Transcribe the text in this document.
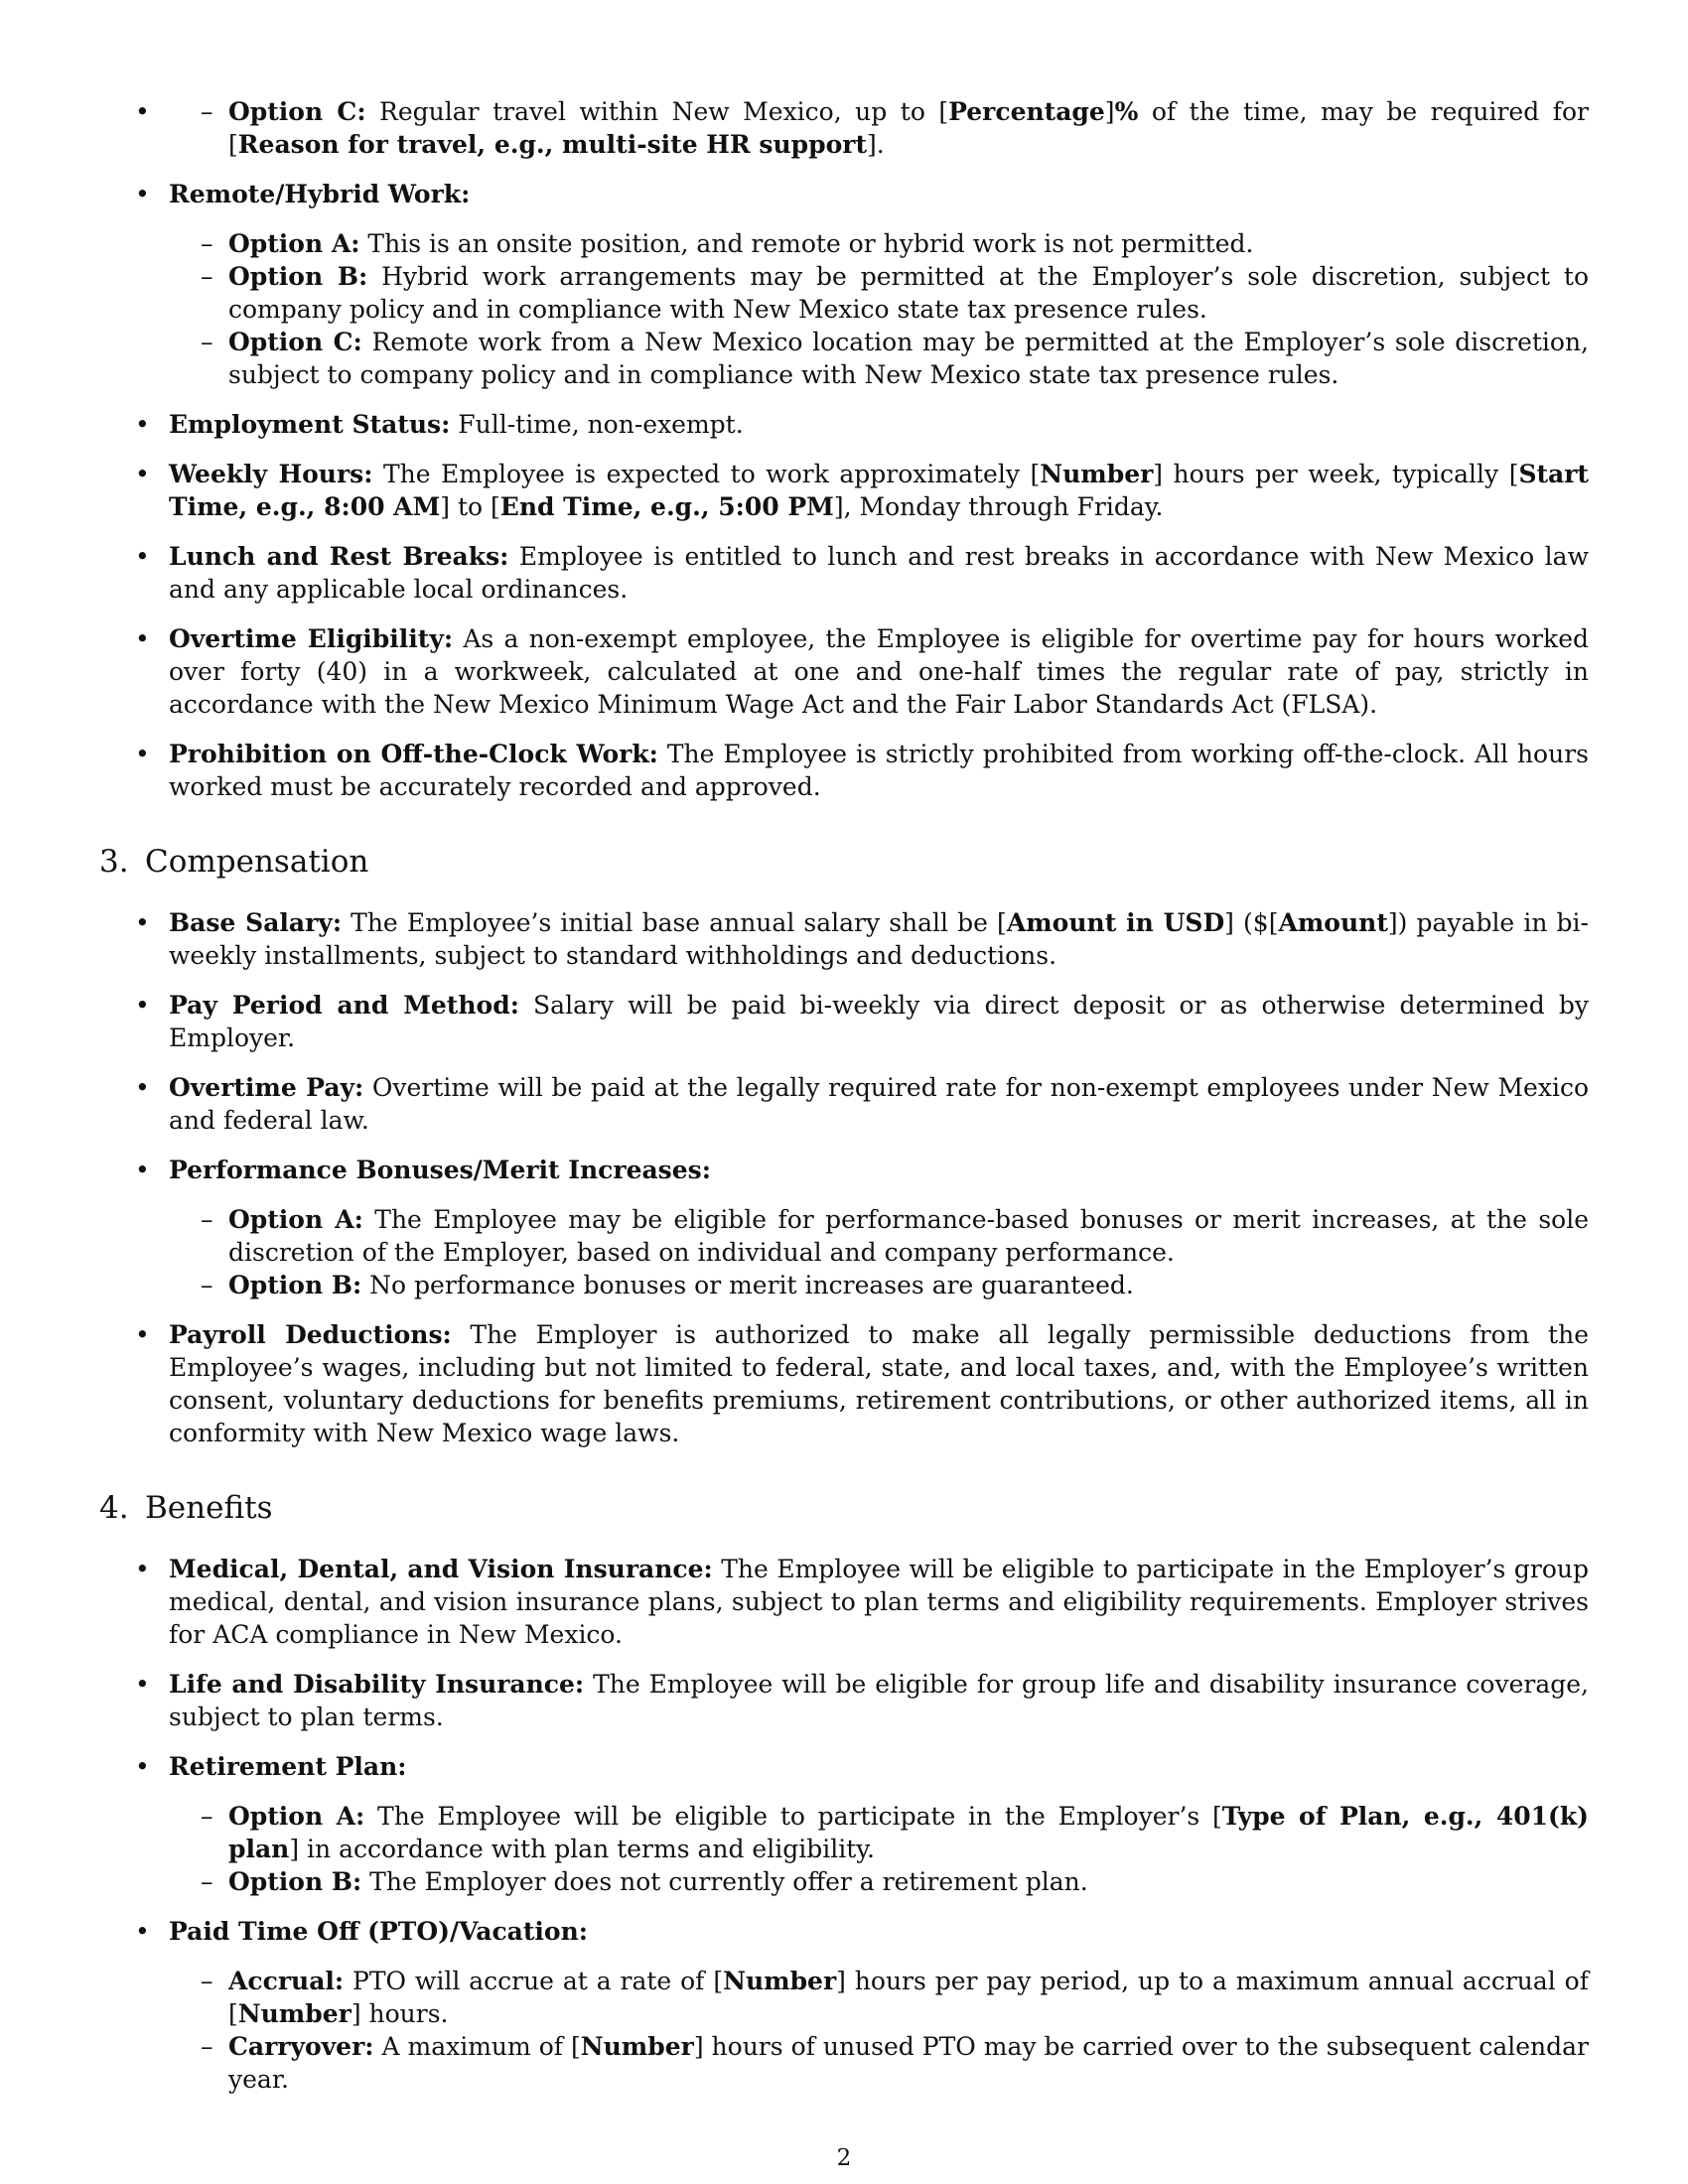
– • Option C: Regular travel within New Mexico, up to [Percentage]% of the time, may be required for [Reason for travel, e.g., multi-site HR support].
• Remote/Hybrid Work:
– Option A: This is an onsite position, and remote or hybrid work is not permitted.
– Option B: Hybrid work arrangements may be permitted at the Employer’s sole discretion, subject to company policy and in compliance with New Mexico state tax presence rules.
– Option C: Remote work from a New Mexico location may be permitted at the Employer’s sole discretion, subject to company policy and in compliance with New Mexico state tax presence rules.
• Employment Status: Full-time, non-exempt.
• Weekly Hours: The Employee is expected to work approximately [Number] hours per week, typically [Start Time, e.g., 8:00 AM] to [End Time, e.g., 5:00 PM], Monday through Friday.
• Lunch and Rest Breaks: Employee is entitled to lunch and rest breaks in accordance with New Mexico law and any applicable local ordinances.
• Overtime Eligibility: As a non-exempt employee, the Employee is eligible for overtime pay for hours worked over forty (40) in a workweek, calculated at one and one-half times the regular rate of pay, strictly in accordance with the New Mexico Minimum Wage Act and the Fair Labor Standards Act (FLSA).
• Prohibition on Off-the-Clock Work: The Employee is strictly prohibited from working off-the-clock. All hours worked must be accurately recorded and approved.
3. Compensation
• Base Salary: The Employee’s initial base annual salary shall be [Amount in USD] ($[Amount]) payable in bi-weekly installments, subject to standard withholdings and deductions.
• Pay Period and Method: Salary will be paid bi-weekly via direct deposit or as otherwise determined by Employer.
• Overtime Pay: Overtime will be paid at the legally required rate for non-exempt employees under New Mexico and federal law.
• Performance Bonuses/Merit Increases:
– Option A: The Employee may be eligible for performance-based bonuses or merit increases, at the sole discretion of the Employer, based on individual and company performance.
– Option B: No performance bonuses or merit increases are guaranteed.
• Payroll Deductions: The Employer is authorized to make all legally permissible deductions from the Employee’s wages, including but not limited to federal, state, and local taxes, and, with the Employee’s written consent, voluntary deductions for benefits premiums, retirement contributions, or other authorized items, all in conformity with New Mexico wage laws.
4. Benefits
• Medical, Dental, and Vision Insurance: The Employee will be eligible to participate in the Employer’s group medical, dental, and vision insurance plans, subject to plan terms and eligibility requirements. Employer strives for ACA compliance in New Mexico.
• Life and Disability Insurance: The Employee will be eligible for group life and disability insurance coverage, subject to plan terms.
• Retirement Plan:
– Option A: The Employee will be eligible to participate in the Employer’s [Type of Plan, e.g., 401(k) plan] in accordance with plan terms and eligibility.
– Option B: The Employer does not currently offer a retirement plan.
• Paid Time Off (PTO)/Vacation:
– Accrual: PTO will accrue at a rate of [Number] hours per pay period, up to a maximum annual accrual of [Number] hours.
– Carryover: A maximum of [Number] hours of unused PTO may be carried over to the subsequent calendar year.
2
